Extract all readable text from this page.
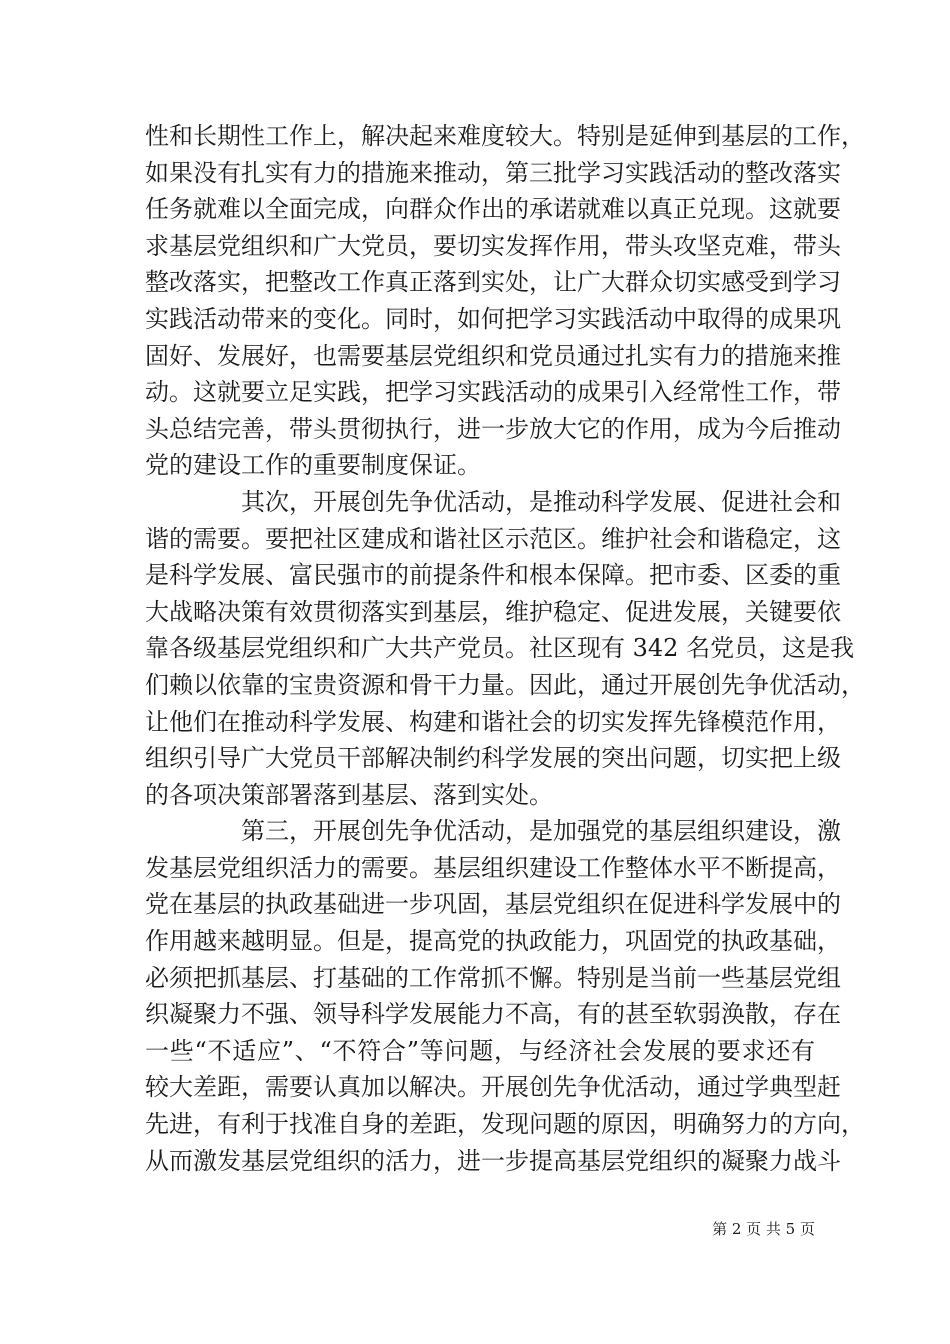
性和长期性工作上，解决起来难度较大。特别是延伸到基层的工作，
如果没有扎实有力的措施来推动，第三批学习实践活动的整改落实
任务就难以全面完成，向群众作出的承诺就难以真正兑现。这就要
求基层党组织和广大党员，要切实发挥作用，带头攻坚克难，带头
整改落实，把整改工作真正落到实处，让广大群众切实感受到学习
实践活动带来的变化。同时，如何把学习实践活动中取得的成果巩
固好、发展好，也需要基层党组织和党员通过扎实有力的措施来推
动。这就要立足实践，把学习实践活动的成果引入经常性工作，带
头总结完善，带头贯彻执行，进一步放大它的作用，成为今后推动
党的建设工作的重要制度保证。
其次，开展创先争优活动，是推动科学发展、促进社会和
谐的需要。要把社区建成和谐社区示范区。维护社会和谐稳定，这
是科学发展、富民强市的前提条件和根本保障。把市委、区委的重
大战略决策有效贯彻落实到基层，维护稳定、促进发展，关键要依
靠各级基层党组织和广大共产党员。社区现有 342 名党员，这是我
们赖以依靠的宝贵资源和骨干力量。因此，通过开展创先争优活动，
让他们在推动科学发展、构建和谐社会的切实发挥先锋模范作用，
组织引导广大党员干部解决制约科学发展的突出问题，切实把上级
的各项决策部署落到基层、落到实处。
第三，开展创先争优活动，是加强党的基层组织建设，激
发基层党组织活力的需要。基层组织建设工作整体水平不断提高，
党在基层的执政基础进一步巩固，基层党组织在促进科学发展中的
作用越来越明显。但是，提高党的执政能力，巩固党的执政基础，
必须把抓基层、打基础的工作常抓不懈。特别是当前一些基层党组
织凝聚力不强、领导科学发展能力不高，有的甚至软弱涣散，存在
一些“不适应”、“不符合”等问题，与经济社会发展的要求还有
较大差距，需要认真加以解决。开展创先争优活动，通过学典型赶
先进，有利于找准自身的差距，发现问题的原因，明确努力的方向，
从而激发基层党组织的活力，进一步提高基层党组织的凝聚力战斗
第 2 页 共 5 页
